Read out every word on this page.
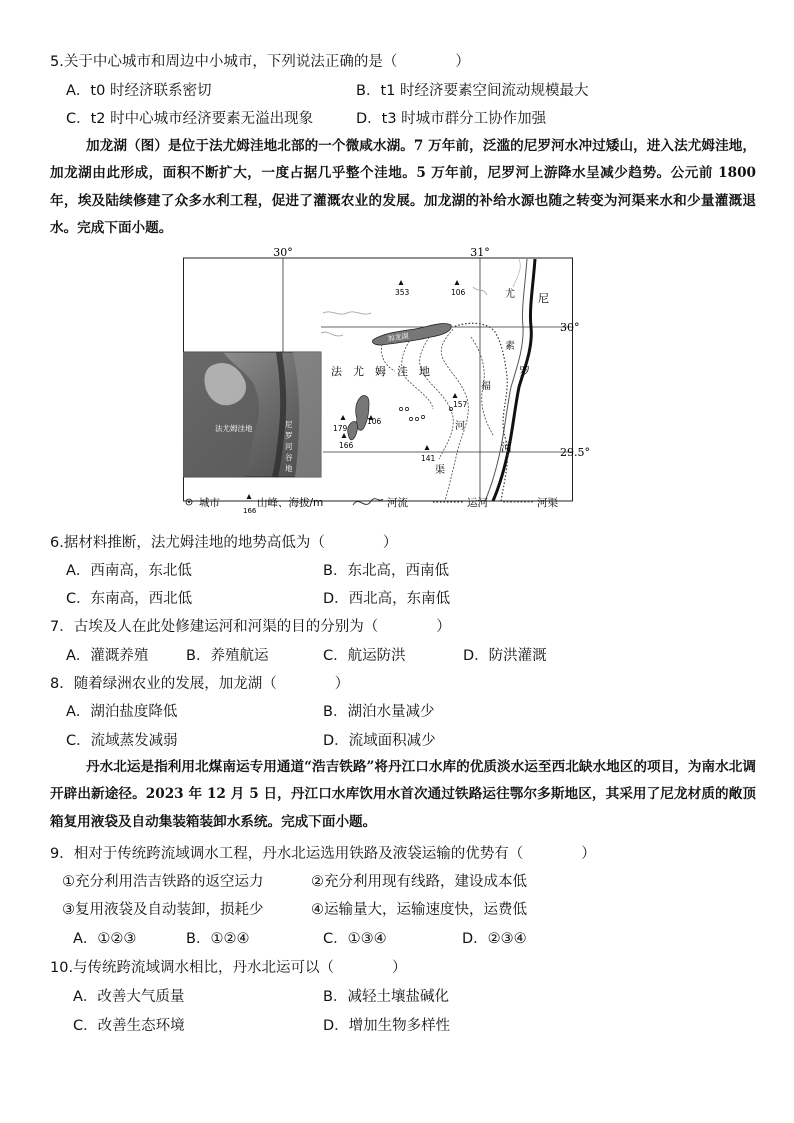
5.关于中心城市和周边中小城市，下列说法正确的是（　　　　）
A．t0 时经济联系密切	B．t1 时经济要素空间流动规模最大
C．t2 时中心城市经济要素无溢出现象	D．t3 时城市群分工协作加强

加龙湖（图）是位于法尤姆洼地北部的一个微咸水湖。7 万年前，泛滥的尼罗河水冲过矮山，进入法尤姆洼地，加龙湖由此形成，面积不断扩大，一度占据几乎整个洼地。5 万年前，尼罗河上游降水呈减少趋势。公元前 1800 年，埃及陆续修建了众多水利工程，促进了灌溉农业的发展。加龙湖的补给水源也随之转变为河渠来水和少量灌溉退水。完成下面小题。

30°	31°
30°
29.5°
加龙湖
法　尤　姆　洼　地
353	106
157
179
106
166
141
尤
素
福
尼
罗
河
河
渠
法尤姆洼地	尼
罗
河
谷
地
城市
166
山峰、海拔/m	河流	运河	河渠
6.据材料推断，法尤姆洼地的地势高低为（　　　　）
A．西南高，东北低	B．东北高，西南低
C．东南高，西北低	D．西北高，东南低
7．古埃及人在此处修建运河和河渠的目的分别为（　　　　）
A．灌溉养殖	B．养殖航运	C．航运防洪	D．防洪灌溉
8．随着绿洲农业的发展，加龙湖（　　　　）
A．湖泊盐度降低	B．湖泊水量减少
C．流域蒸发减弱	D．流域面积减少

丹水北运是指利用北煤南运专用通道“浩吉铁路”将丹江口水库的优质淡水运至西北缺水地区的项目，为南水北调开辟出新途径。2023 年 12 月 5 日，丹江口水库饮用水首次通过铁路运往鄂尔多斯地区，其采用了尼龙材质的敞顶箱复用液袋及自动集装箱装卸水系统。完成下面小题。

9．相对于传统跨流域调水工程，丹水北运选用铁路及液袋运输的优势有（　　　　）
①充分利用浩吉铁路的返空运力	②充分利用现有线路，建设成本低
③复用液袋及自动装卸，损耗少	④运输量大，运输速度快，运费低
A．①②③	B．①②④	C．①③④	D．②③④
10.与传统跨流域调水相比，丹水北运可以（　　　　）
A．改善大气质量	B．减轻土壤盐碱化
C．改善生态环境	D．增加生物多样性
